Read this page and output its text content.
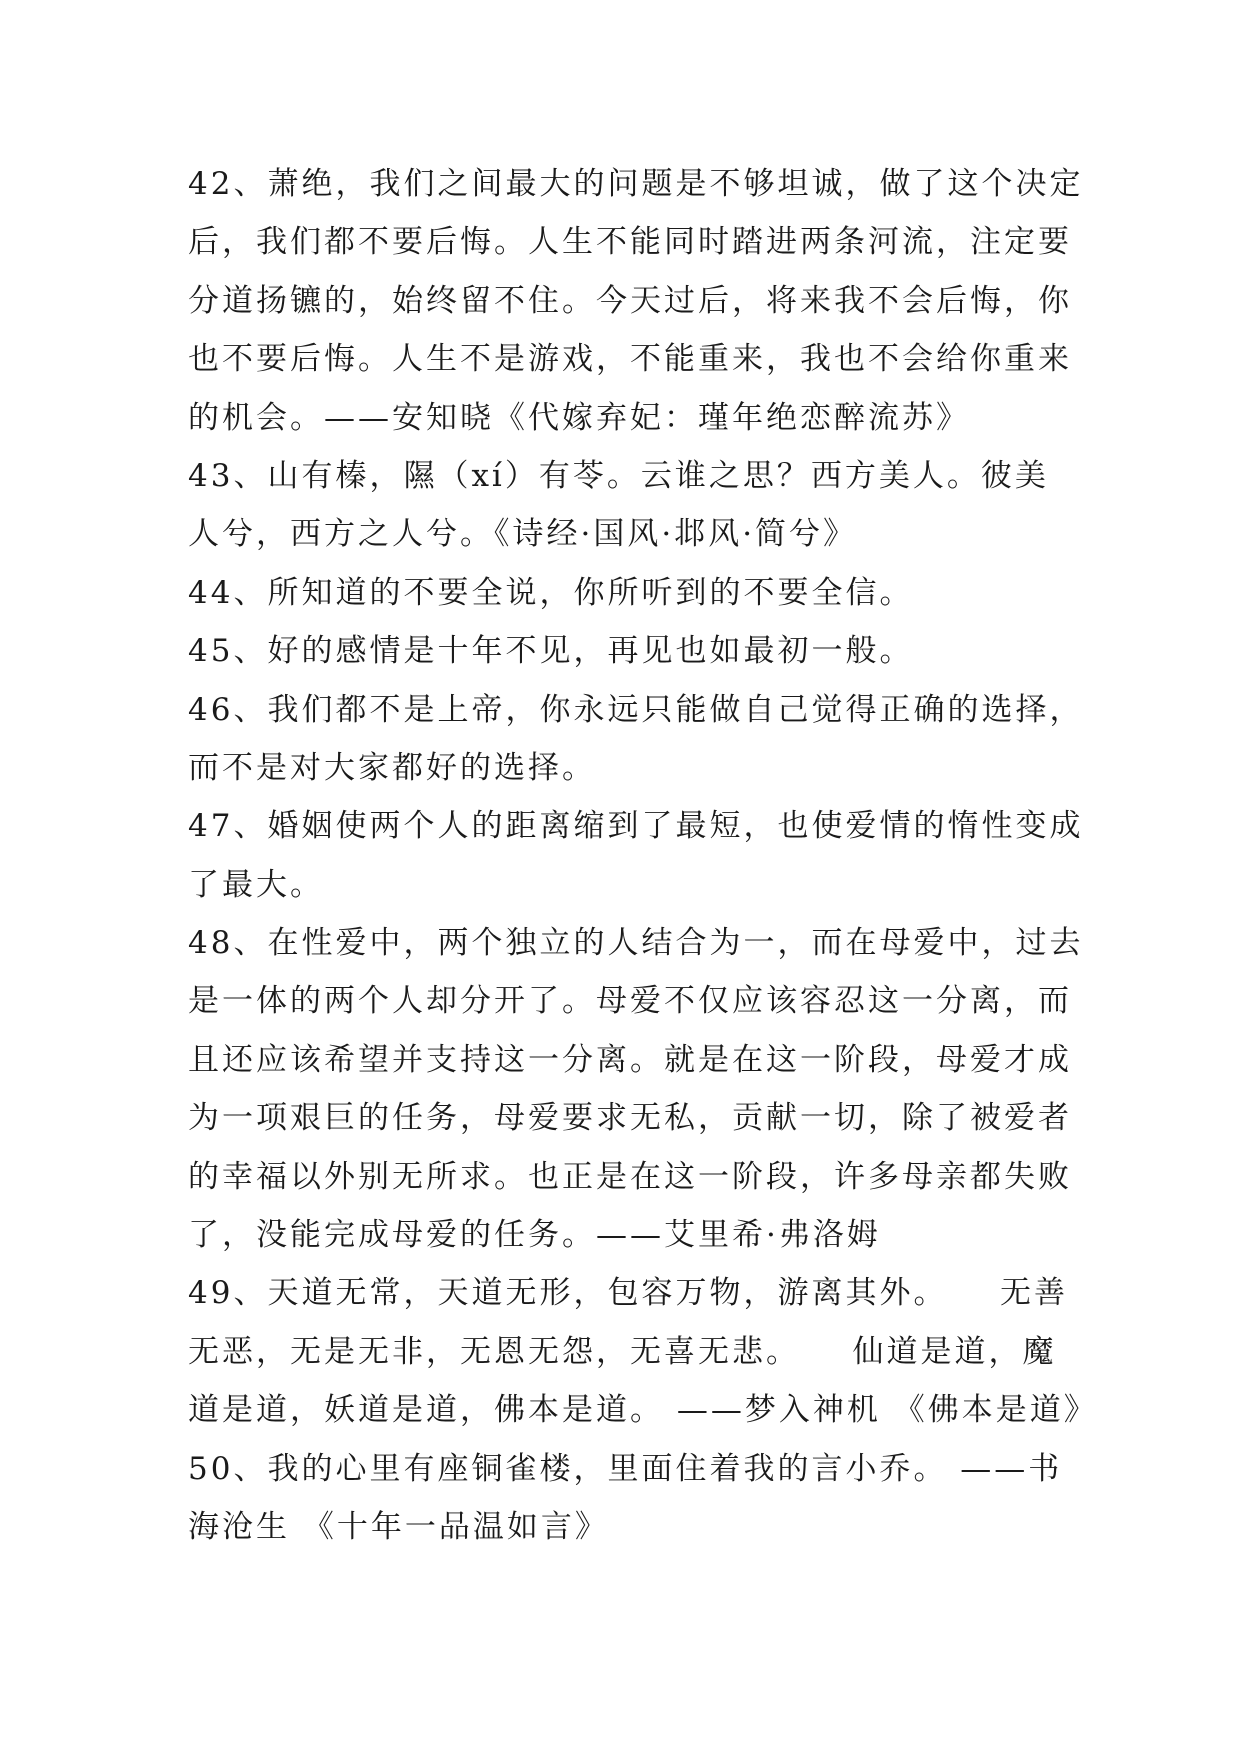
42、萧绝，我们之间最大的问题是不够坦诚，做了这个决定
后，我们都不要后悔。人生不能同时踏进两条河流，注定要
分道扬镳的，始终留不住。今天过后，将来我不会后悔，你
也不要后悔。人生不是游戏，不能重来，我也不会给你重来
的机会。——安知晓《代嫁弃妃：瑾年绝恋醉流苏》
43、山有榛，隰（xí）有苓。云谁之思？西方美人。彼美
人兮，西方之人兮。《诗经·国风·邶风·简兮》
44、所知道的不要全说，你所听到的不要全信。
45、好的感情是十年不见，再见也如最初一般。
46、我们都不是上帝，你永远只能做自己觉得正确的选择，
而不是对大家都好的选择。
47、婚姻使两个人的距离缩到了最短，也使爱情的惰性变成
了最大。
48、在性爱中，两个独立的人结合为一，而在母爱中，过去
是一体的两个人却分开了。母爱不仅应该容忍这一分离，而
且还应该希望并支持这一分离。就是在这一阶段，母爱才成
为一项艰巨的任务，母爱要求无私，贡献一切，除了被爱者
的幸福以外别无所求。也正是在这一阶段，许多母亲都失败
了，没能完成母爱的任务。——艾里希·弗洛姆
49、天道无常，天道无形，包容万物，游离其外。　　无善
无恶，无是无非，无恩无怨，无喜无悲。　　仙道是道，魔
道是道，妖道是道，佛本是道。 ——梦入神机 《佛本是道》
50、我的心里有座铜雀楼，里面住着我的言小乔。 ——书
海沧生 《十年一品温如言》
